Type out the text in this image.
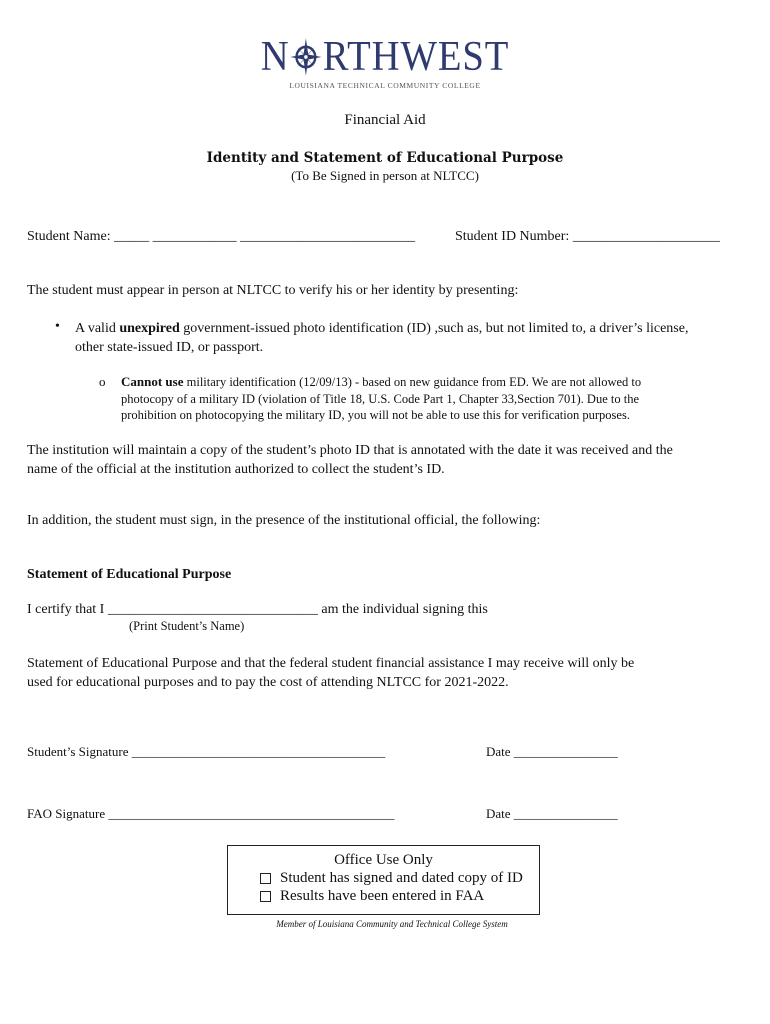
N RTHWEST
LOUISIANA TECHNICAL COMMUNITY COLLEGE
Financial Aid
Identity and Statement of Educational Purpose
(To Be Signed in person at NLTCC)
Student Name: _____ ____________ _________________________	Student ID Number: _____________________
The student must appear in person at NLTCC to verify his or her identity by presenting:
• A valid unexpired government-issued photo identification (ID) ,such as, but not limited to, a driver’s license,
other state-issued ID, or passport.
o Cannot use military identification (12/09/13) - based on new guidance from ED. We are not allowed to
photocopy of a military ID (violation of Title 18, U.S. Code Part 1, Chapter 33,Section 701). Due to the
prohibition on photocopying the military ID, you will not be able to use this for verification purposes.
The institution will maintain a copy of the student’s photo ID that is annotated with the date it was received and the
name of the official at the institution authorized to collect the student’s ID.
In addition, the student must sign, in the presence of the institutional official, the following:
Statement of Educational Purpose
I certify that I ______________________________ am the individual signing this
(Print Student’s Name)
Statement of Educational Purpose and that the federal student financial assistance I may receive will only be
used for educational purposes and to pay the cost of attending NLTCC for 2021-2022.
Student’s Signature _______________________________________	Date ________________
FAO Signature ____________________________________________	Date ________________
Office Use Only
Student has signed and dated copy of ID
Results have been entered in FAA
Member of Louisiana Community and Technical College System
